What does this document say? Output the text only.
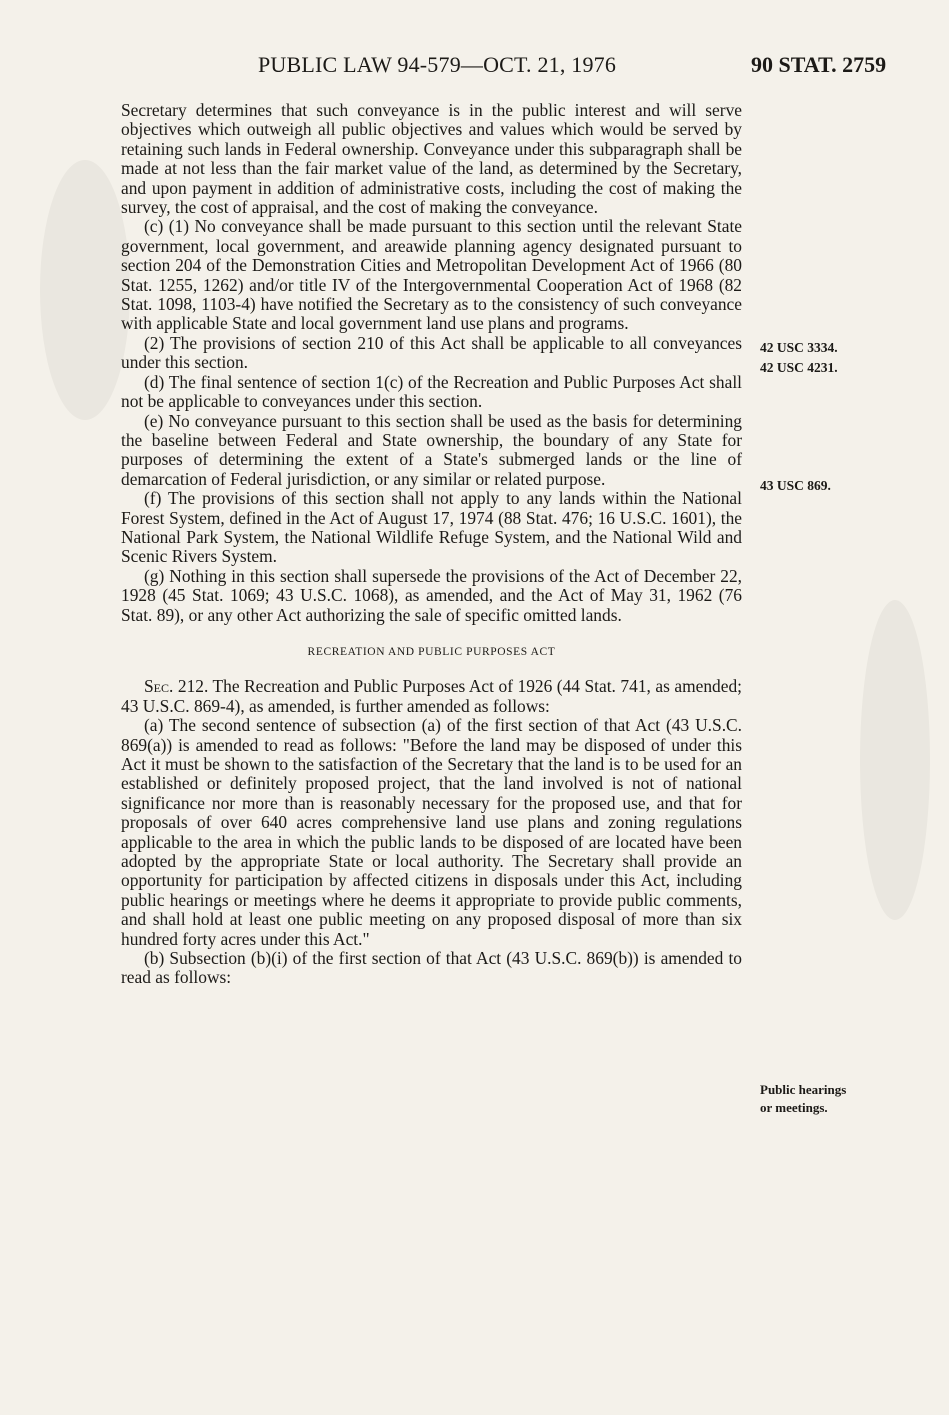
PUBLIC LAW 94-579—OCT. 21, 1976	90 STAT. 2759

Secretary determines that such conveyance is in the public interest and will serve objectives which outweigh all public objectives and values which would be served by retaining such lands in Federal ownership. Conveyance under this subparagraph shall be made at not less than the fair market value of the land, as determined by the Secretary, and upon payment in addition of administrative costs, including the cost of making the survey, the cost of appraisal, and the cost of making the conveyance.

(c) (1) No conveyance shall be made pursuant to this section until the relevant State government, local government, and areawide planning agency designated pursuant to section 204 of the Demonstration Cities and Metropolitan Development Act of 1966 (80 Stat. 1255, 1262) and/or title IV of the Intergovernmental Cooperation Act of 1968 (82 Stat. 1098, 1103-4) have notified the Secretary as to the consistency of such conveyance with applicable State and local government land use plans and programs.

(2) The provisions of section 210 of this Act shall be applicable to all conveyances under this section.

(d) The final sentence of section 1(c) of the Recreation and Public Purposes Act shall not be applicable to conveyances under this section.

(e) No conveyance pursuant to this section shall be used as the basis for determining the baseline between Federal and State ownership, the boundary of any State for purposes of determining the extent of a State's submerged lands or the line of demarcation of Federal jurisdiction, or any similar or related purpose.

(f) The provisions of this section shall not apply to any lands within the National Forest System, defined in the Act of August 17, 1974 (88 Stat. 476; 16 U.S.C. 1601), the National Park System, the National Wildlife Refuge System, and the National Wild and Scenic Rivers System.

(g) Nothing in this section shall supersede the provisions of the Act of December 22, 1928 (45 Stat. 1069; 43 U.S.C. 1068), as amended, and the Act of May 31, 1962 (76 Stat. 89), or any other Act authorizing the sale of specific omitted lands.

RECREATION AND PUBLIC PURPOSES ACT

Sec. 212. The Recreation and Public Purposes Act of 1926 (44 Stat. 741, as amended; 43 U.S.C. 869-4), as amended, is further amended as follows:

(a) The second sentence of subsection (a) of the first section of that Act (43 U.S.C. 869(a)) is amended to read as follows: "Before the land may be disposed of under this Act it must be shown to the satisfaction of the Secretary that the land is to be used for an established or definitely proposed project, that the land involved is not of national significance nor more than is reasonably necessary for the proposed use, and that for proposals of over 640 acres comprehensive land use plans and zoning regulations applicable to the area in which the public lands to be disposed of are located have been adopted by the appropriate State or local authority. The Secretary shall provide an opportunity for participation by affected citizens in disposals under this Act, including public hearings or meetings where he deems it appropriate to provide public comments, and shall hold at least one public meeting on any proposed disposal of more than six hundred forty acres under this Act."

(b) Subsection (b)(i) of the first section of that Act (43 U.S.C. 869(b)) is amended to read as follows:

42 USC 3334.
42 USC 4231.
43 USC 869.
Public hearings
or meetings.
